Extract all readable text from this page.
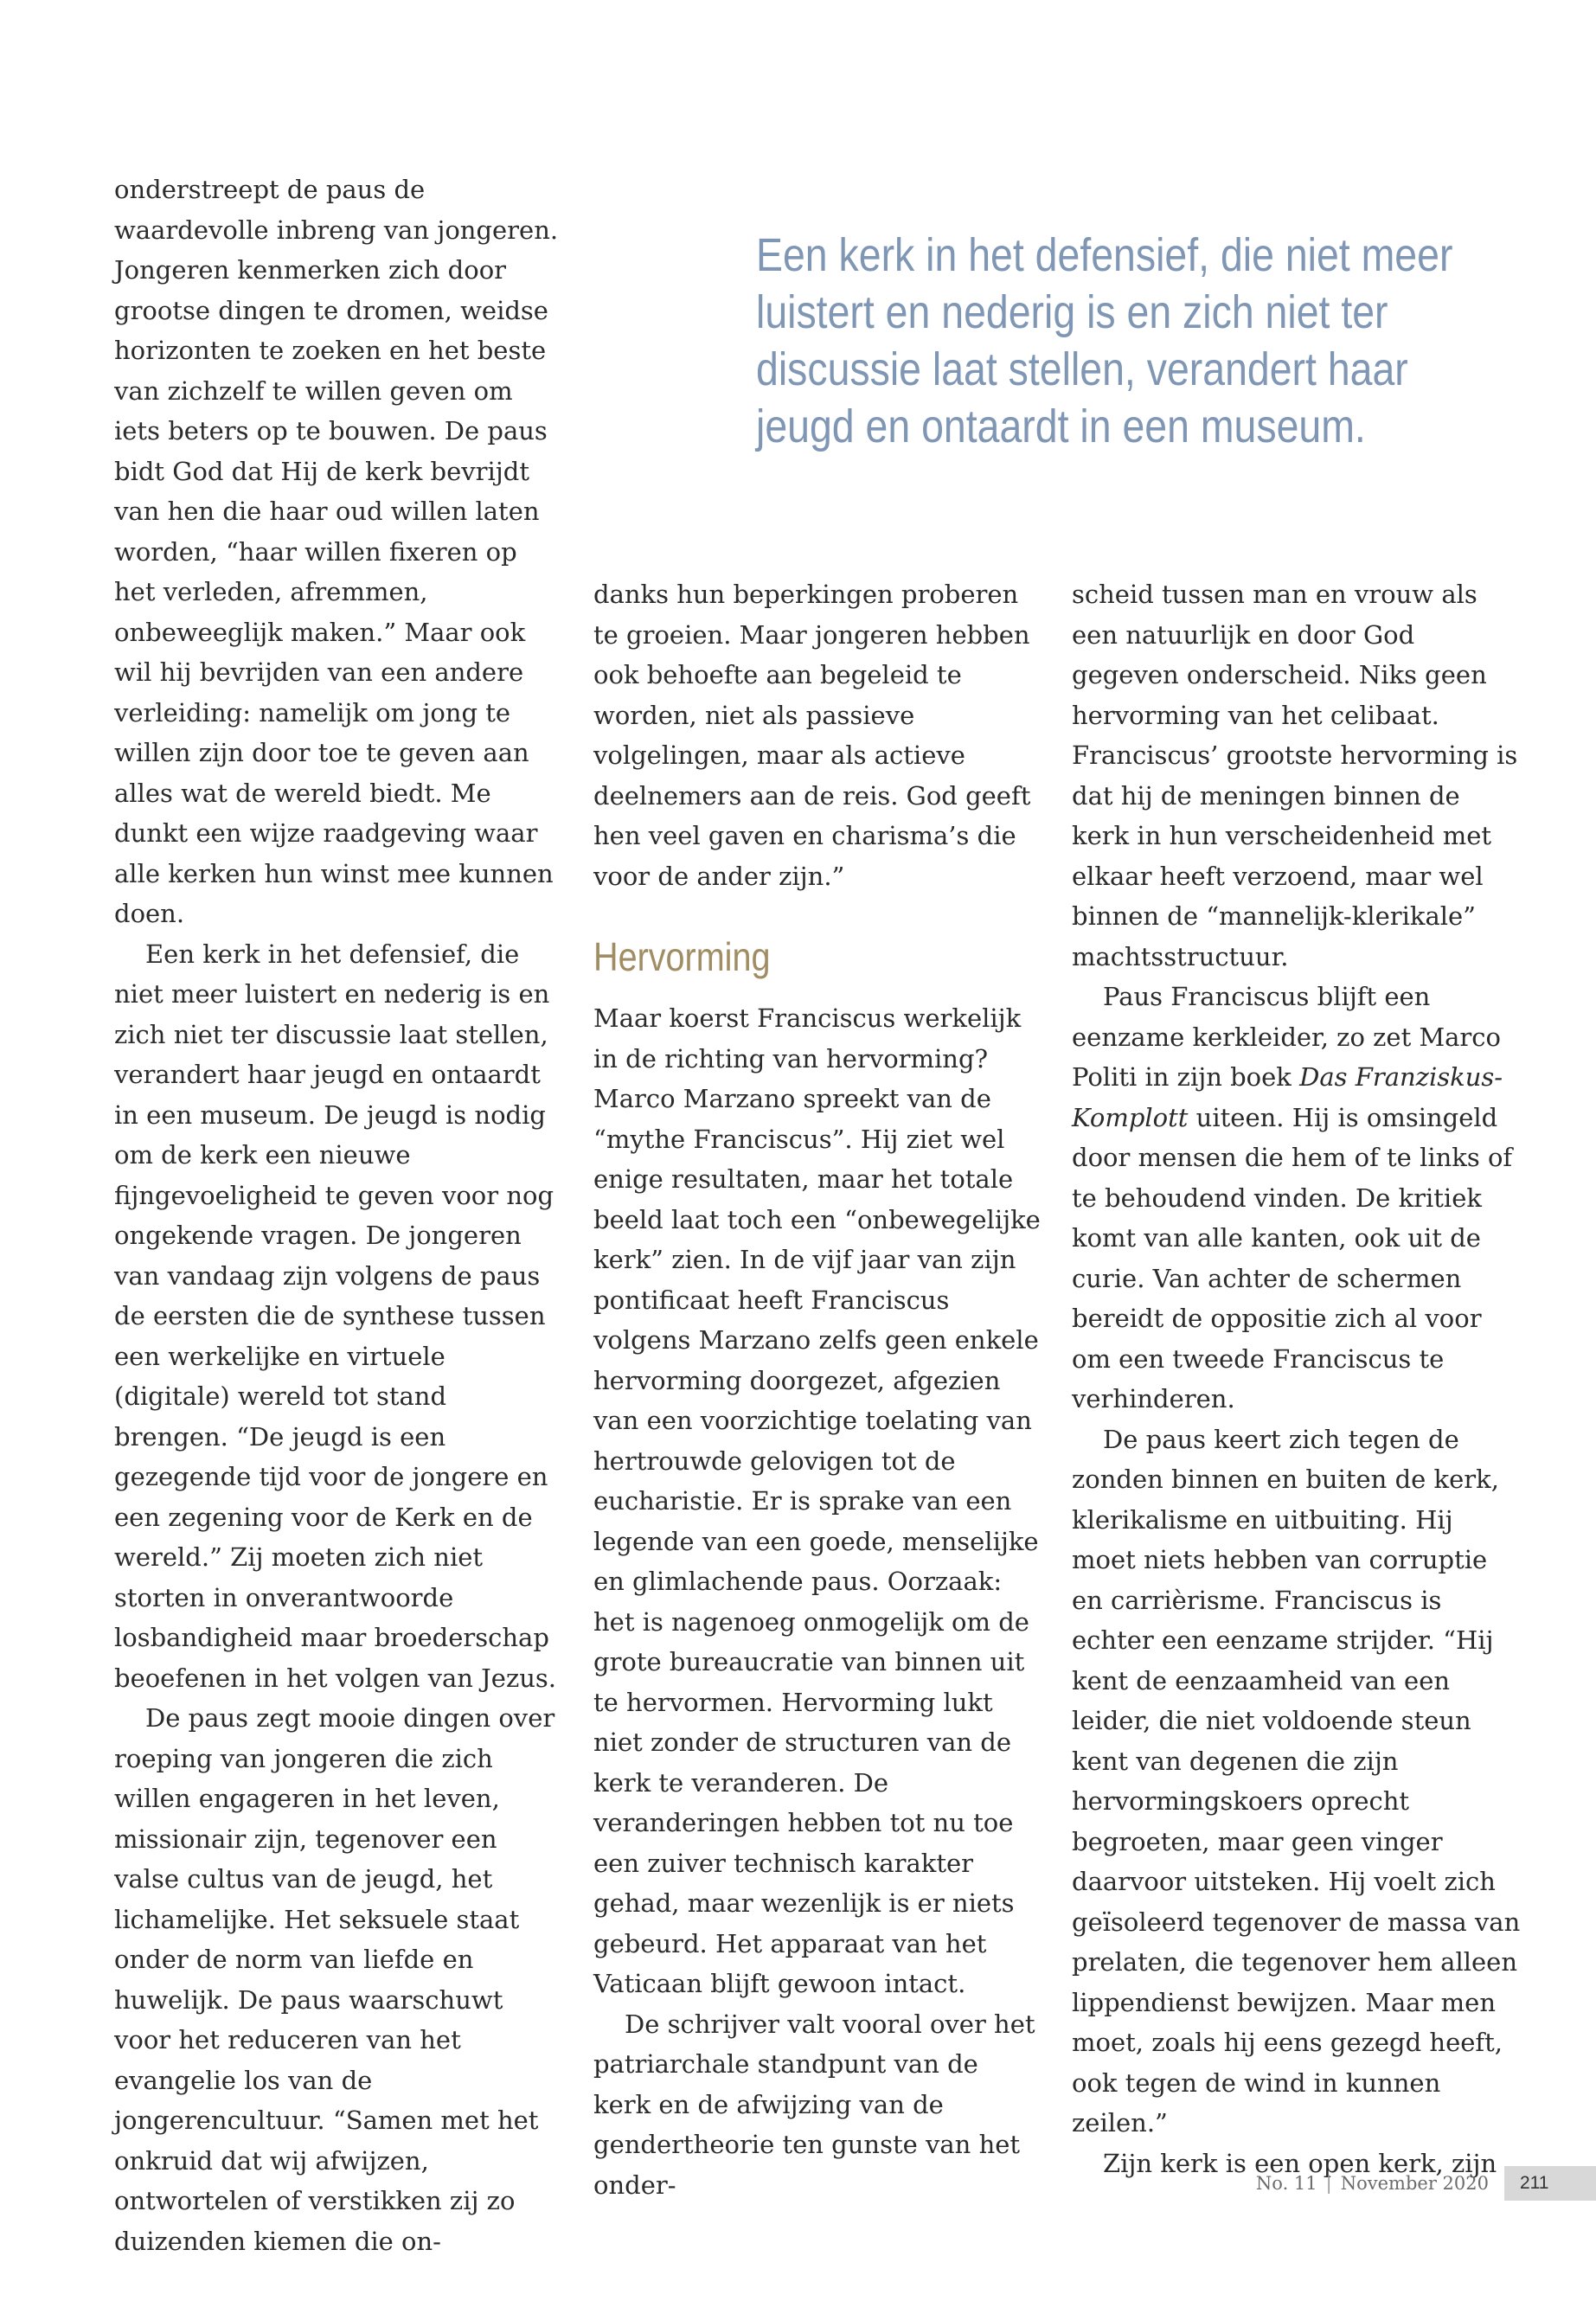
Een kerk in het defensief, die niet meer
luistert en nederig is en zich niet ter
discussie laat stellen, verandert haar
jeugd en ontaardt in een museum.

onderstreept de paus de waardevolle inbreng van jongeren. Jongeren kenmerken zich door grootse dingen te dromen, weidse horizonten te zoeken en het beste van zichzelf te willen geven om iets beters op te bouwen. De paus bidt God dat Hij de kerk bevrijdt van hen die haar oud willen laten worden, “haar willen fixeren op het verleden, afremmen, onbeweeglijk maken.” Maar ook wil hij bevrijden van een andere verleiding: namelijk om jong te willen zijn door toe te geven aan alles wat de wereld biedt. Me dunkt een wijze raadgeving waar alle kerken hun winst mee kunnen doen.

Een kerk in het defensief, die niet meer luistert en nederig is en zich niet ter discussie laat stellen, verandert haar jeugd en ontaardt in een museum. De jeugd is nodig om de kerk een nieuwe fijngevoeligheid te geven voor nog ongekende vragen. De jongeren van vandaag zijn volgens de paus de eersten die de synthese tussen een werkelijke en virtuele (digitale) wereld tot stand brengen. “De jeugd is een gezegende tijd voor de jongere en een zegening voor de Kerk en de wereld.” Zij moeten zich niet storten in onverantwoorde losbandigheid maar broederschap beoefenen in het volgen van Jezus.

De paus zegt mooie dingen over roeping van jongeren die zich willen engageren in het leven, missionair zijn, tegenover een valse cultus van de jeugd, het lichamelijke. Het seksuele staat onder de norm van liefde en huwelijk. De paus waarschuwt voor het reduceren van het evangelie los van de jongerencultuur. “Samen met het onkruid dat wij afwijzen, ontwortelen of verstikken zij zo duizenden kiemen die on-

danks hun beperkingen proberen te groeien. Maar jongeren hebben ook behoefte aan begeleid te worden, niet als passieve volgelingen, maar als actieve deelnemers aan de reis. God geeft hen veel gaven en charisma’s die voor de ander zijn.”

Hervorming

Maar koerst Franciscus werkelijk in de richting van hervorming? Marco Marzano spreekt van de “mythe Franciscus”. Hij ziet wel enige resultaten, maar het totale beeld laat toch een “onbewegelijke kerk” zien. In de vijf jaar van zijn pontificaat heeft Franciscus volgens Marzano zelfs geen enkele hervorming doorgezet, afgezien van een voorzichtige toelating van hertrouwde gelovigen tot de eucharistie. Er is sprake van een legende van een goede, menselijke en glimlachende paus. Oorzaak: het is nagenoeg onmogelijk om de grote bureaucratie van binnen uit te hervormen. Hervorming lukt niet zonder de structuren van de kerk te veranderen. De veranderingen hebben tot nu toe een zuiver technisch karakter gehad, maar wezenlijk is er niets gebeurd. Het apparaat van het Vaticaan blijft gewoon intact.

De schrijver valt vooral over het patriarchale standpunt van de kerk en de afwijzing van de gendertheorie ten gunste van het onder-

scheid tussen man en vrouw als een natuurlijk en door God gegeven onderscheid. Niks geen hervorming van het celibaat. Franciscus’ grootste hervorming is dat hij de meningen binnen de kerk in hun verscheidenheid met elkaar heeft verzoend, maar wel binnen de “mannelijk-klerikale” machtsstructuur.

Paus Franciscus blijft een eenzame kerkleider, zo zet Marco Politi in zijn boek Das Franziskus-Komplott uiteen. Hij is omsingeld door mensen die hem of te links of te behoudend vinden. De kritiek komt van alle kanten, ook uit de curie. Van achter de schermen bereidt de oppositie zich al voor om een tweede Franciscus te verhinderen.

De paus keert zich tegen de zonden binnen en buiten de kerk, klerikalisme en uitbuiting. Hij moet niets hebben van corruptie en carrièrisme. Franciscus is echter een eenzame strijder. “Hij kent de eenzaamheid van een leider, die niet voldoende steun kent van degenen die zijn hervormingskoers oprecht begroeten, maar geen vinger daarvoor uitsteken. Hij voelt zich geïsoleerd tegenover de massa van prelaten, die tegenover hem alleen lippendienst bewijzen. Maar men moet, zoals hij eens gezegd heeft, ook tegen de wind in kunnen zeilen.”

Zijn kerk is een open kerk, zijn

No. 11 | November 2020	211
